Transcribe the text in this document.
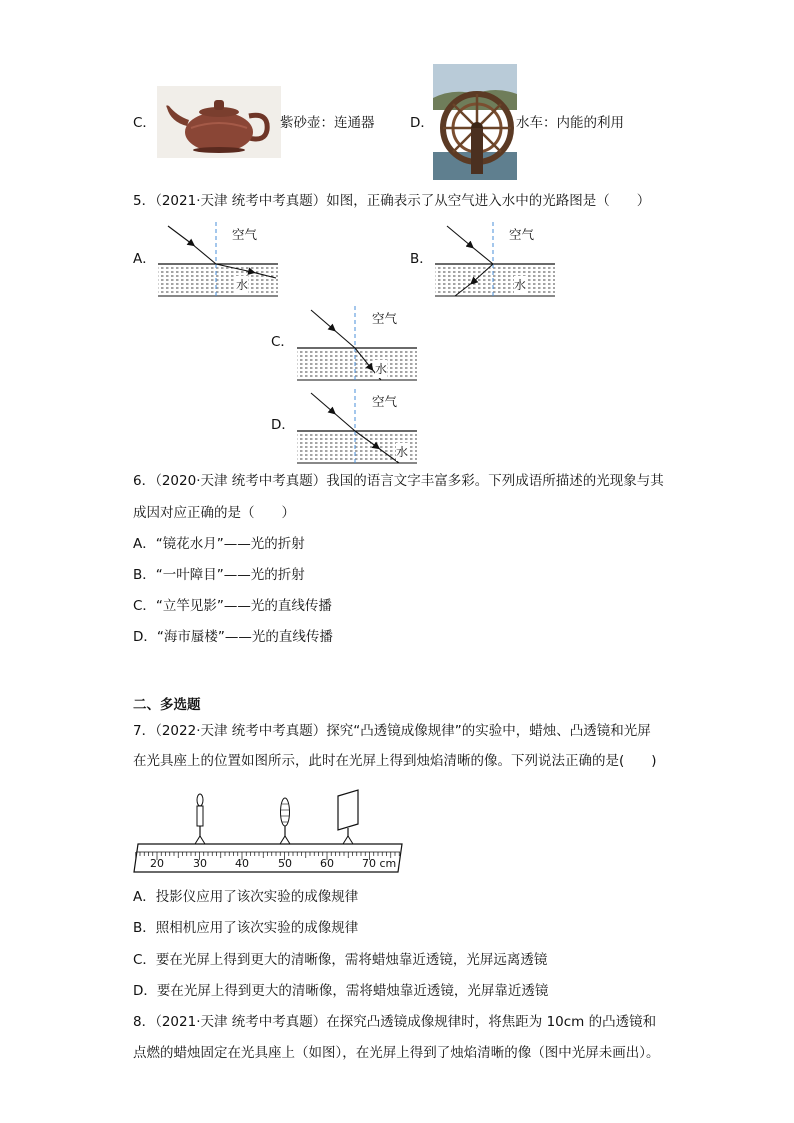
C．	紫砂壶：连通器	D．	水车：内能的利用
5．（2021·天津 统考中考真题）如图，正确表示了从空气进入水中的光路图是（　　）
A．
空气
水
B．
空气
水
C．
空气
水
D．
空气
水
6．（2020·天津 统考中考真题）我国的语言文字丰富多彩。下列成语所描述的光现象与其
成因对应正确的是（　　）
A．“镜花水月”——光的折射
B．“一叶障目”——光的折射
C．“立竿见影”——光的直线传播
D．“海市蜃楼”——光的直线传播
二、多选题
7．（2022·天津 统考中考真题）探究“凸透镜成像规律”的实验中，蜡烛、凸透镜和光屏
在光具座上的位置如图所示，此时在光屏上得到烛焰清晰的像。下列说法正确的是(　　)
20	30	40	50	60	70 cm
A．投影仪应用了该次实验的成像规律
B．照相机应用了该次实验的成像规律
C．要在光屏上得到更大的清晰像，需将蜡烛靠近透镜，光屏远离透镜
D．要在光屏上得到更大的清晰像，需将蜡烛靠近透镜，光屏靠近透镜
8．（2021·天津 统考中考真题）在探究凸透镜成像规律时，将焦距为 10cm 的凸透镜和
点燃的蜡烛固定在光具座上（如图），在光屏上得到了烛焰清晰的像（图中光屏未画出）。
